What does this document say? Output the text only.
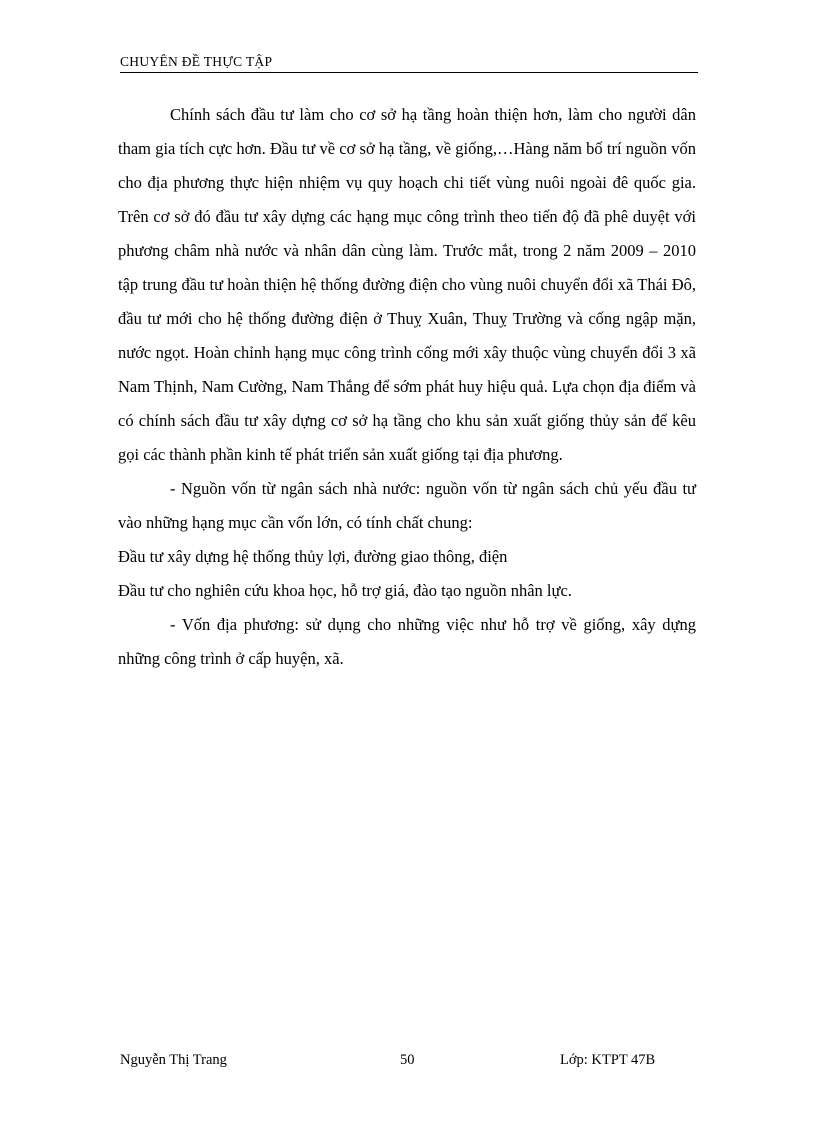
CHUYÊN ĐỀ THỰC TẬP

Chính sách đầu tư làm cho cơ sở hạ tầng hoàn thiện hơn, làm cho người dân tham gia tích cực hơn. Đầu tư về cơ sở hạ tầng, về giống,…Hàng năm bố trí nguồn vốn cho địa phương thực hiện nhiệm vụ quy hoạch chi tiết vùng nuôi ngoài đê quốc gia. Trên cơ sở đó đầu tư xây dựng các hạng mục công trình theo tiến độ đã phê duyệt với phương châm nhà nước và nhân dân cùng làm. Trước mắt, trong 2 năm 2009 – 2010 tập trung đầu tư hoàn thiện hệ thống đường điện cho vùng nuôi chuyển đổi xã Thái Đô, đầu tư mới cho hệ thống đường điện ở Thuỵ Xuân, Thuỵ Trường và cống ngập mặn, nước ngọt. Hoàn chỉnh hạng mục công trình cống mới xây thuộc vùng chuyển đổi 3 xã Nam Thịnh, Nam Cường, Nam Thắng để sớm phát huy hiệu quả. Lựa chọn địa điểm và có chính sách đầu tư xây dựng cơ sở hạ tầng cho khu sản xuất giống thủy sản để kêu gọi các thành phần kinh tế phát triển sản xuất giống tại địa phương.

- Nguồn vốn từ ngân sách nhà nước: nguồn vốn từ ngân sách chủ yếu đầu tư vào những hạng mục cần vốn lớn, có tính chất chung:

Đầu tư xây dựng hệ thống thủy lợi, đường giao thông, điện

Đầu tư cho nghiên cứu khoa học, hỗ trợ giá, đào tạo nguồn nhân lực.

- Vốn địa phương: sử dụng cho những việc như hỗ trợ về giống, xây dựng những công trình ở cấp huyện, xã.

Nguyễn Thị Trang	50	Lớp: KTPT 47B
